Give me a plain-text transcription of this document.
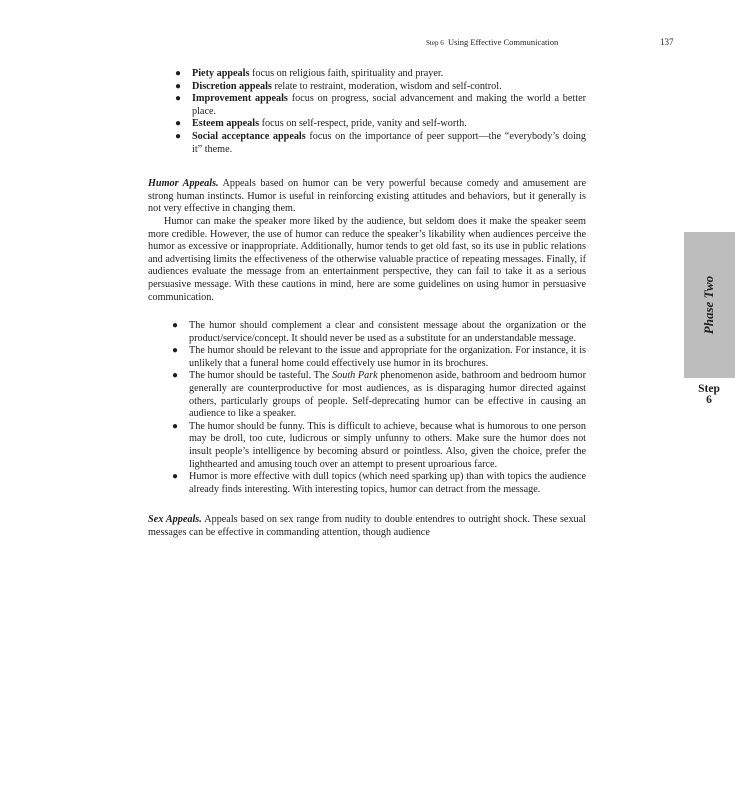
Step 6 Using Effective Communication	137
● Piety appeals focus on religious faith, spirituality and prayer.
● Discretion appeals relate to restraint, moderation, wisdom and self-control.
● Improvement appeals focus on progress, social advancement and making the world a better place.
● Esteem appeals focus on self-respect, pride, vanity and self-worth.
● Social acceptance appeals focus on the importance of peer support—the “everybody’s doing it” theme.

Humor Appeals. Appeals based on humor can be very powerful because comedy and amusement are strong human instincts. Humor is useful in reinforcing existing attitudes and behaviors, but it generally is not very effective in changing them.

Humor can make the speaker more liked by the audience, but seldom does it make the speaker seem more credible. However, the use of humor can reduce the speaker’s likability when audiences perceive the humor as excessive or inappropriate. Additionally, humor tends to get old fast, so its use in public relations and advertising limits the effectiveness of the otherwise valuable practice of repeating messages. Finally, if audiences evaluate the message from an entertainment perspective, they can fail to take it as a serious persuasive message. With these cautions in mind, here are some guidelines on using humor in persuasive communication.

● The humor should complement a clear and consistent message about the organization or the product/service/concept. It should never be used as a substitute for an understandable message.
● The humor should be relevant to the issue and appropriate for the organization. For instance, it is unlikely that a funeral home could effectively use humor in its brochures.
● The humor should be tasteful. The South Park phenomenon aside, bathroom and bedroom humor generally are counterproductive for most audiences, as is disparaging humor directed against others, particularly groups of people. Self-deprecating humor can be effective in causing an audience to like a speaker.
● The humor should be funny. This is difficult to achieve, because what is humorous to one person may be droll, too cute, ludicrous or simply unfunny to others. Make sure the humor does not insult people’s intelligence by becoming absurd or pointless. Also, given the choice, prefer the lighthearted and amusing touch over an attempt to present uproarious farce.
● Humor is more effective with dull topics (which need sparking up) than with topics the audience already finds interesting. With interesting topics, humor can detract from the message.

Sex Appeals. Appeals based on sex range from nudity to double entendres to outright shock. These sexual messages can be effective in commanding attention, though audience

Phase Two
Step
6
